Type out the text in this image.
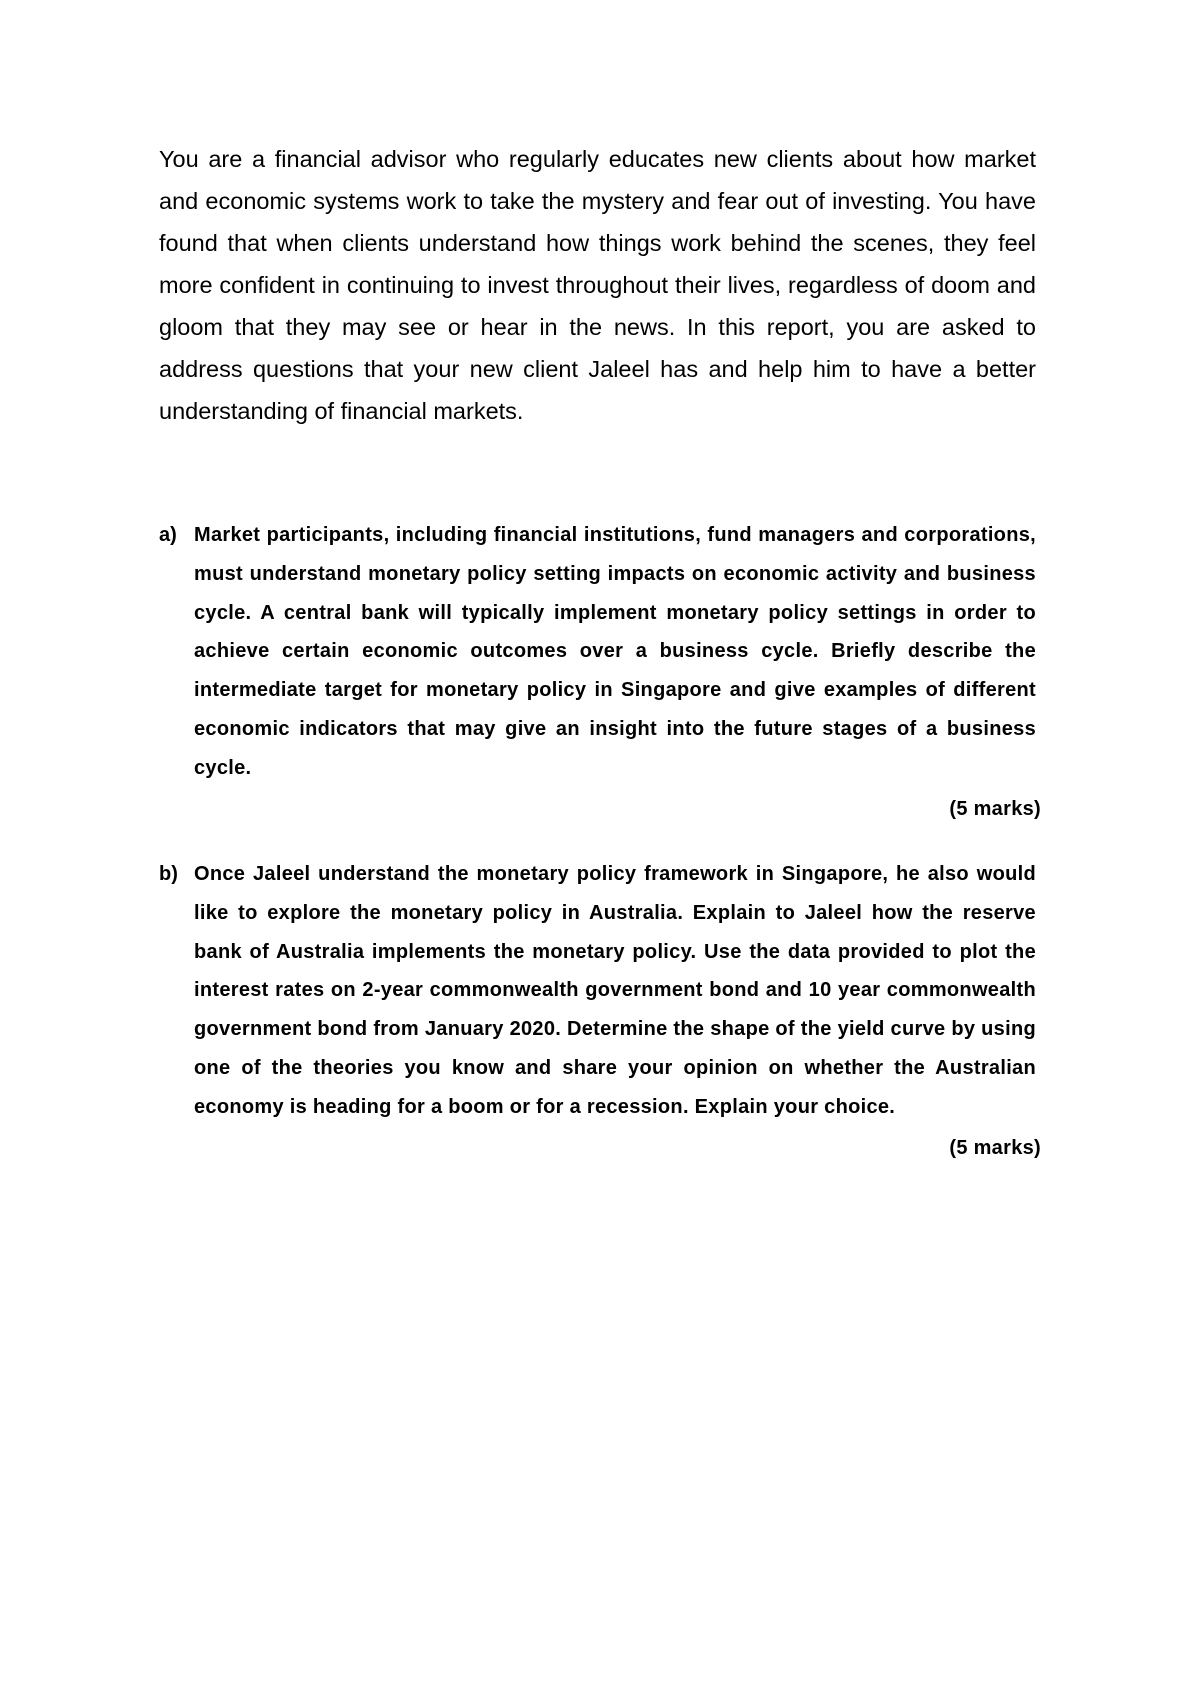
You are a financial advisor who regularly educates new clients about how market and economic systems work to take the mystery and fear out of investing. You have found that when clients understand how things work behind the scenes, they feel more confident in continuing to invest throughout their lives, regardless of doom and gloom that they may see or hear in the news. In this report, you are asked to address questions that your new client Jaleel has and help him to have a better understanding of financial markets.

a) Market participants, including financial institutions, fund managers and corporations, must understand monetary policy setting impacts on economic activity and business cycle. A central bank will typically implement monetary policy settings in order to achieve certain economic outcomes over a business cycle. Briefly describe the intermediate target for monetary policy in Singapore and give examples of different economic indicators that may give an insight into the future stages of a business cycle.
(5 marks)
b) Once Jaleel understand the monetary policy framework in Singapore, he also would like to explore the monetary policy in Australia. Explain to Jaleel how the reserve bank of Australia implements the monetary policy. Use the data provided to plot the interest rates on 2-year commonwealth government bond and 10 year commonwealth government bond from January 2020. Determine the shape of the yield curve by using one of the theories you know and share your opinion on whether the Australian economy is heading for a boom or for a recession. Explain your choice.
(5 marks)
